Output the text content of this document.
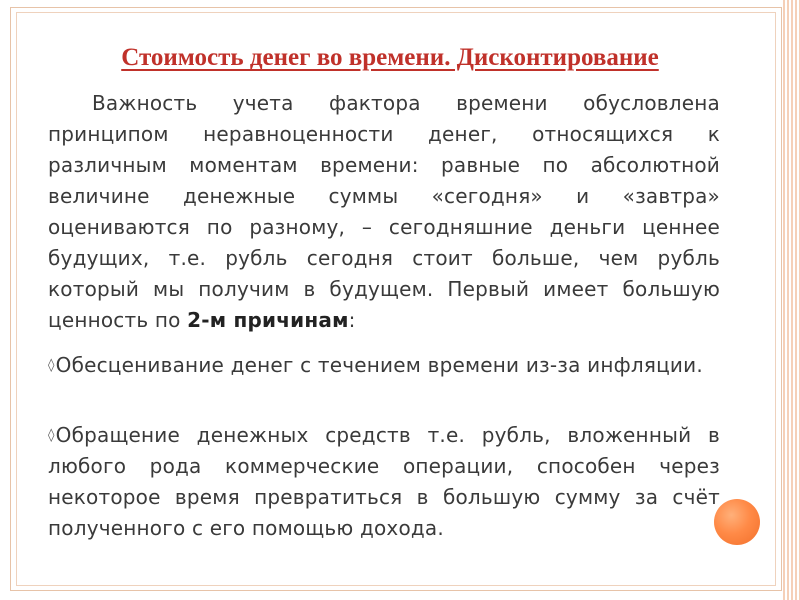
Стоимость денег во времени. Дисконтирование
Важность учета фактора времени обусловлена принципом неравноценности денег, относящихся к различным моментам времени: равные по абсолютной величине денежные суммы «сегодня» и «завтра» оцениваются по разному, – сегодняшние деньги ценнее будущих, т.е. рубль сегодня стоит больше, чем рубль который мы получим в будущем. Первый имеет большую ценность по 2-м причинам:
◊Обесценивание денег с течением времени из-за инфляции.
◊Обращение денежных средств т.е. рубль, вложенный в любого рода коммерческие операции, способен через некоторое время превратиться в большую сумму за счёт полученного с его помощью дохода.
